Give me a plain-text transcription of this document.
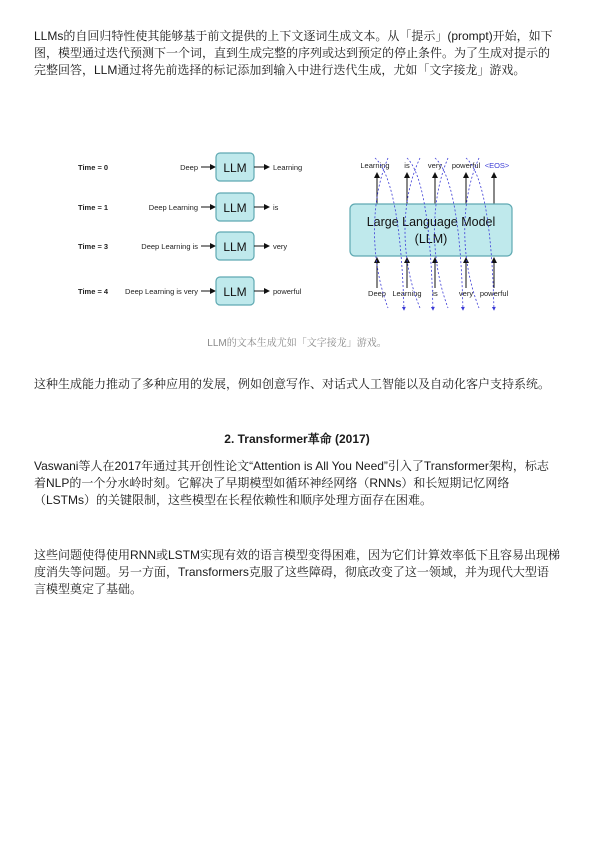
LLMs的自回归特性使其能够基于前文提供的上下文逐词生成文本。从「提示」(prompt)开始，如下图，模型通过迭代预测下一个词，直到生成完整的序列或达到预定的停止条件。为了生成对提示的完整回答，LLM通过将先前选择的标记添加到输入中进行迭代生成，尤如「文字接龙」游戏。

Time = 0	Deep LLM	Learning
Time = 1	Deep Learning LLM	is
Time = 3	Deep Learning is LLM	very
Time = 4 Deep Learning is very LLM	powerful
Learning is very powerful <EOS>
Large Language Model
(LLM)
Deep Learning is	very powerful

LLM的文本生成尤如「文字接龙」游戏。

这种生成能力推动了多种应用的发展，例如创意写作、对话式人工智能以及自动化客户支持系统。

2. Transformer革命 (2017)

Vaswani等人在2017年通过其开创性论文“Attention is All You Need”引入了Transformer架构，标志着NLP的一个分水岭时刻。它解决了早期模型如循环神经网络（RNNs）和长短期记忆网络（LSTMs）的关键限制，这些模型在长程依赖性和顺序处理方面存在困难。

这些问题使得使用RNN或LSTM实现有效的语言模型变得困难，因为它们计算效率低下且容易出现梯度消失等问题。另一方面，Transformers克服了这些障碍，彻底改变了这一领域，并为现代大型语言模型奠定了基础。
